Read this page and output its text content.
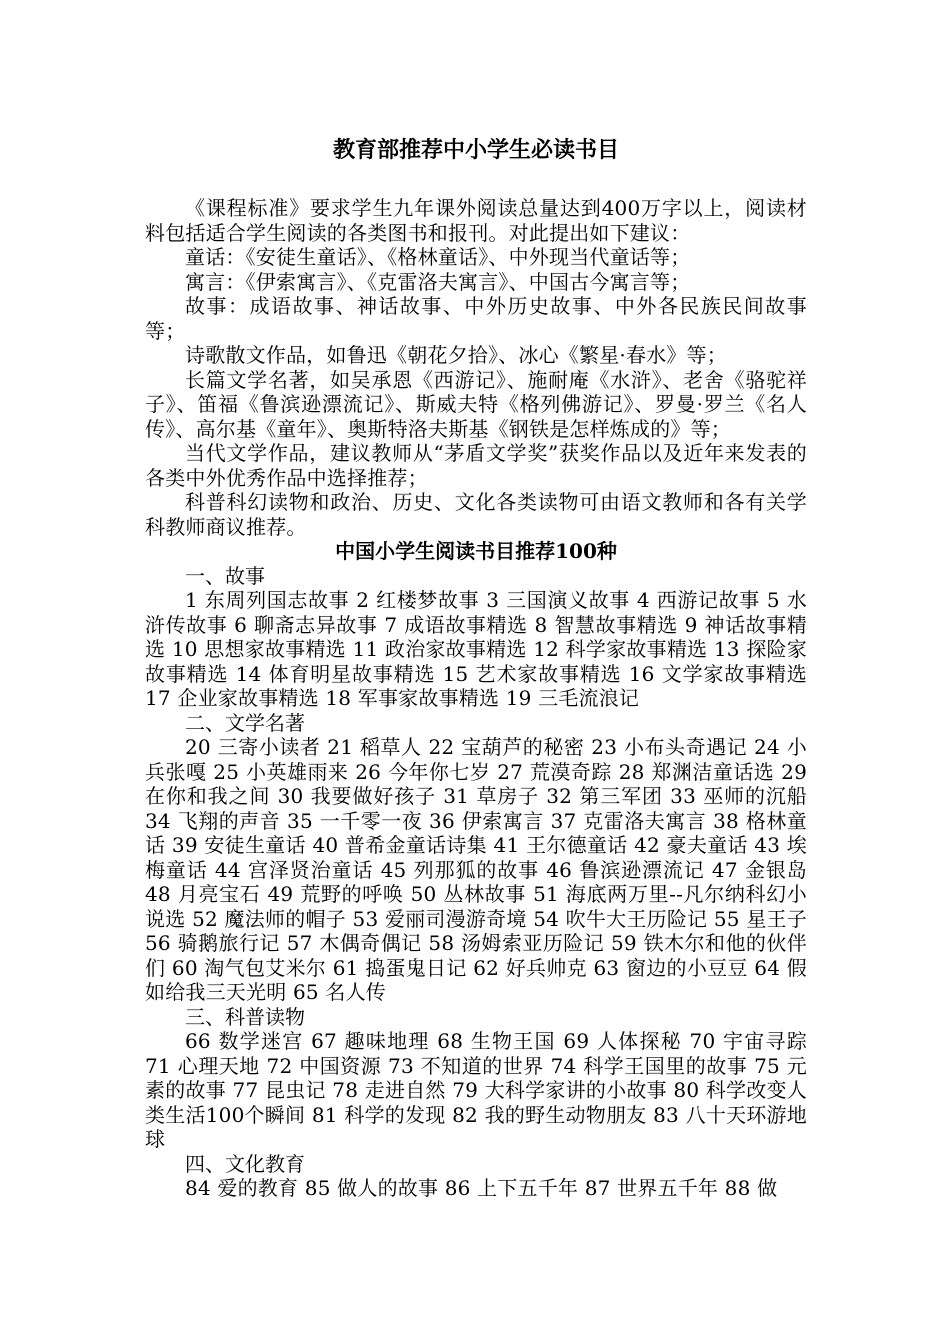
教育部推荐中小学生必读书目

《课程标准》要求学生九年课外阅读总量达到400万字以上，阅读材料包括适合学生阅读的各类图书和报刊。对此提出如下建议：

童话：《安徒生童话》、《格林童话》、中外现当代童话等；

寓言：《伊索寓言》、《克雷洛夫寓言》、中国古今寓言等；

故事：成语故事、神话故事、中外历史故事、中外各民族民间故事等；

诗歌散文作品，如鲁迅《朝花夕拾》、冰心《繁星·春水》等；

长篇文学名著，如吴承恩《西游记》、施耐庵《水浒》、老舍《骆驼祥子》、笛福《鲁滨逊漂流记》、斯威夫特《格列佛游记》、罗曼·罗兰《名人传》、高尔基《童年》、奥斯特洛夫斯基《钢铁是怎样炼成的》等；

当代文学作品，建议教师从“茅盾文学奖”获奖作品以及近年来发表的各类中外优秀作品中选择推荐；

科普科幻读物和政治、历史、文化各类读物可由语文教师和各有关学科教师商议推荐。

中国小学生阅读书目推荐100种

一、故事

1 东周列国志故事 2 红楼梦故事 3 三国演义故事 4 西游记故事 5 水浒传故事 6 聊斋志异故事 7 成语故事精选 8 智慧故事精选 9 神话故事精选 10 思想家故事精选 11 政治家故事精选 12 科学家故事精选 13 探险家故事精选 14 体育明星故事精选 15 艺术家故事精选 16 文学家故事精选 17 企业家故事精选 18 军事家故事精选 19 三毛流浪记

二、文学名著

20 三寄小读者 21 稻草人 22 宝葫芦的秘密 23 小布头奇遇记 24 小兵张嘎 25 小英雄雨来 26 今年你七岁 27 荒漠奇踪 28 郑渊洁童话选 29 在你和我之间 30 我要做好孩子 31 草房子 32 第三军团 33 巫师的沉船 34 飞翔的声音 35 一千零一夜 36 伊索寓言 37 克雷洛夫寓言 38 格林童话 39 安徒生童话 40 普希金童话诗集 41 王尔德童话 42 豪夫童话 43 埃梅童话 44 宫泽贤治童话 45 列那狐的故事 46 鲁滨逊漂流记 47 金银岛 48 月亮宝石 49 荒野的呼唤 50 丛林故事 51 海底两万里--凡尔纳科幻小说选 52 魔法师的帽子 53 爱丽司漫游奇境 54 吹牛大王历险记 55 星王子 56 骑鹅旅行记 57 木偶奇偶记 58 汤姆索亚历险记 59 铁木尔和他的伙伴们 60 淘气包艾米尔 61 捣蛋鬼日记 62 好兵帅克 63 窗边的小豆豆 64 假如给我三天光明 65 名人传

三、科普读物

66 数学迷宫 67 趣味地理 68 生物王国 69 人体探秘 70 宇宙寻踪 71 心理天地 72 中国资源 73 不知道的世界 74 科学王国里的故事 75 元素的故事 77 昆虫记 78 走进自然 79 大科学家讲的小故事 80 科学改变人类生活100个瞬间 81 科学的发现 82 我的野生动物朋友 83 八十天环游地球

四、文化教育

84 爱的教育 85 做人的故事 86 上下五千年 87 世界五千年 88 做
